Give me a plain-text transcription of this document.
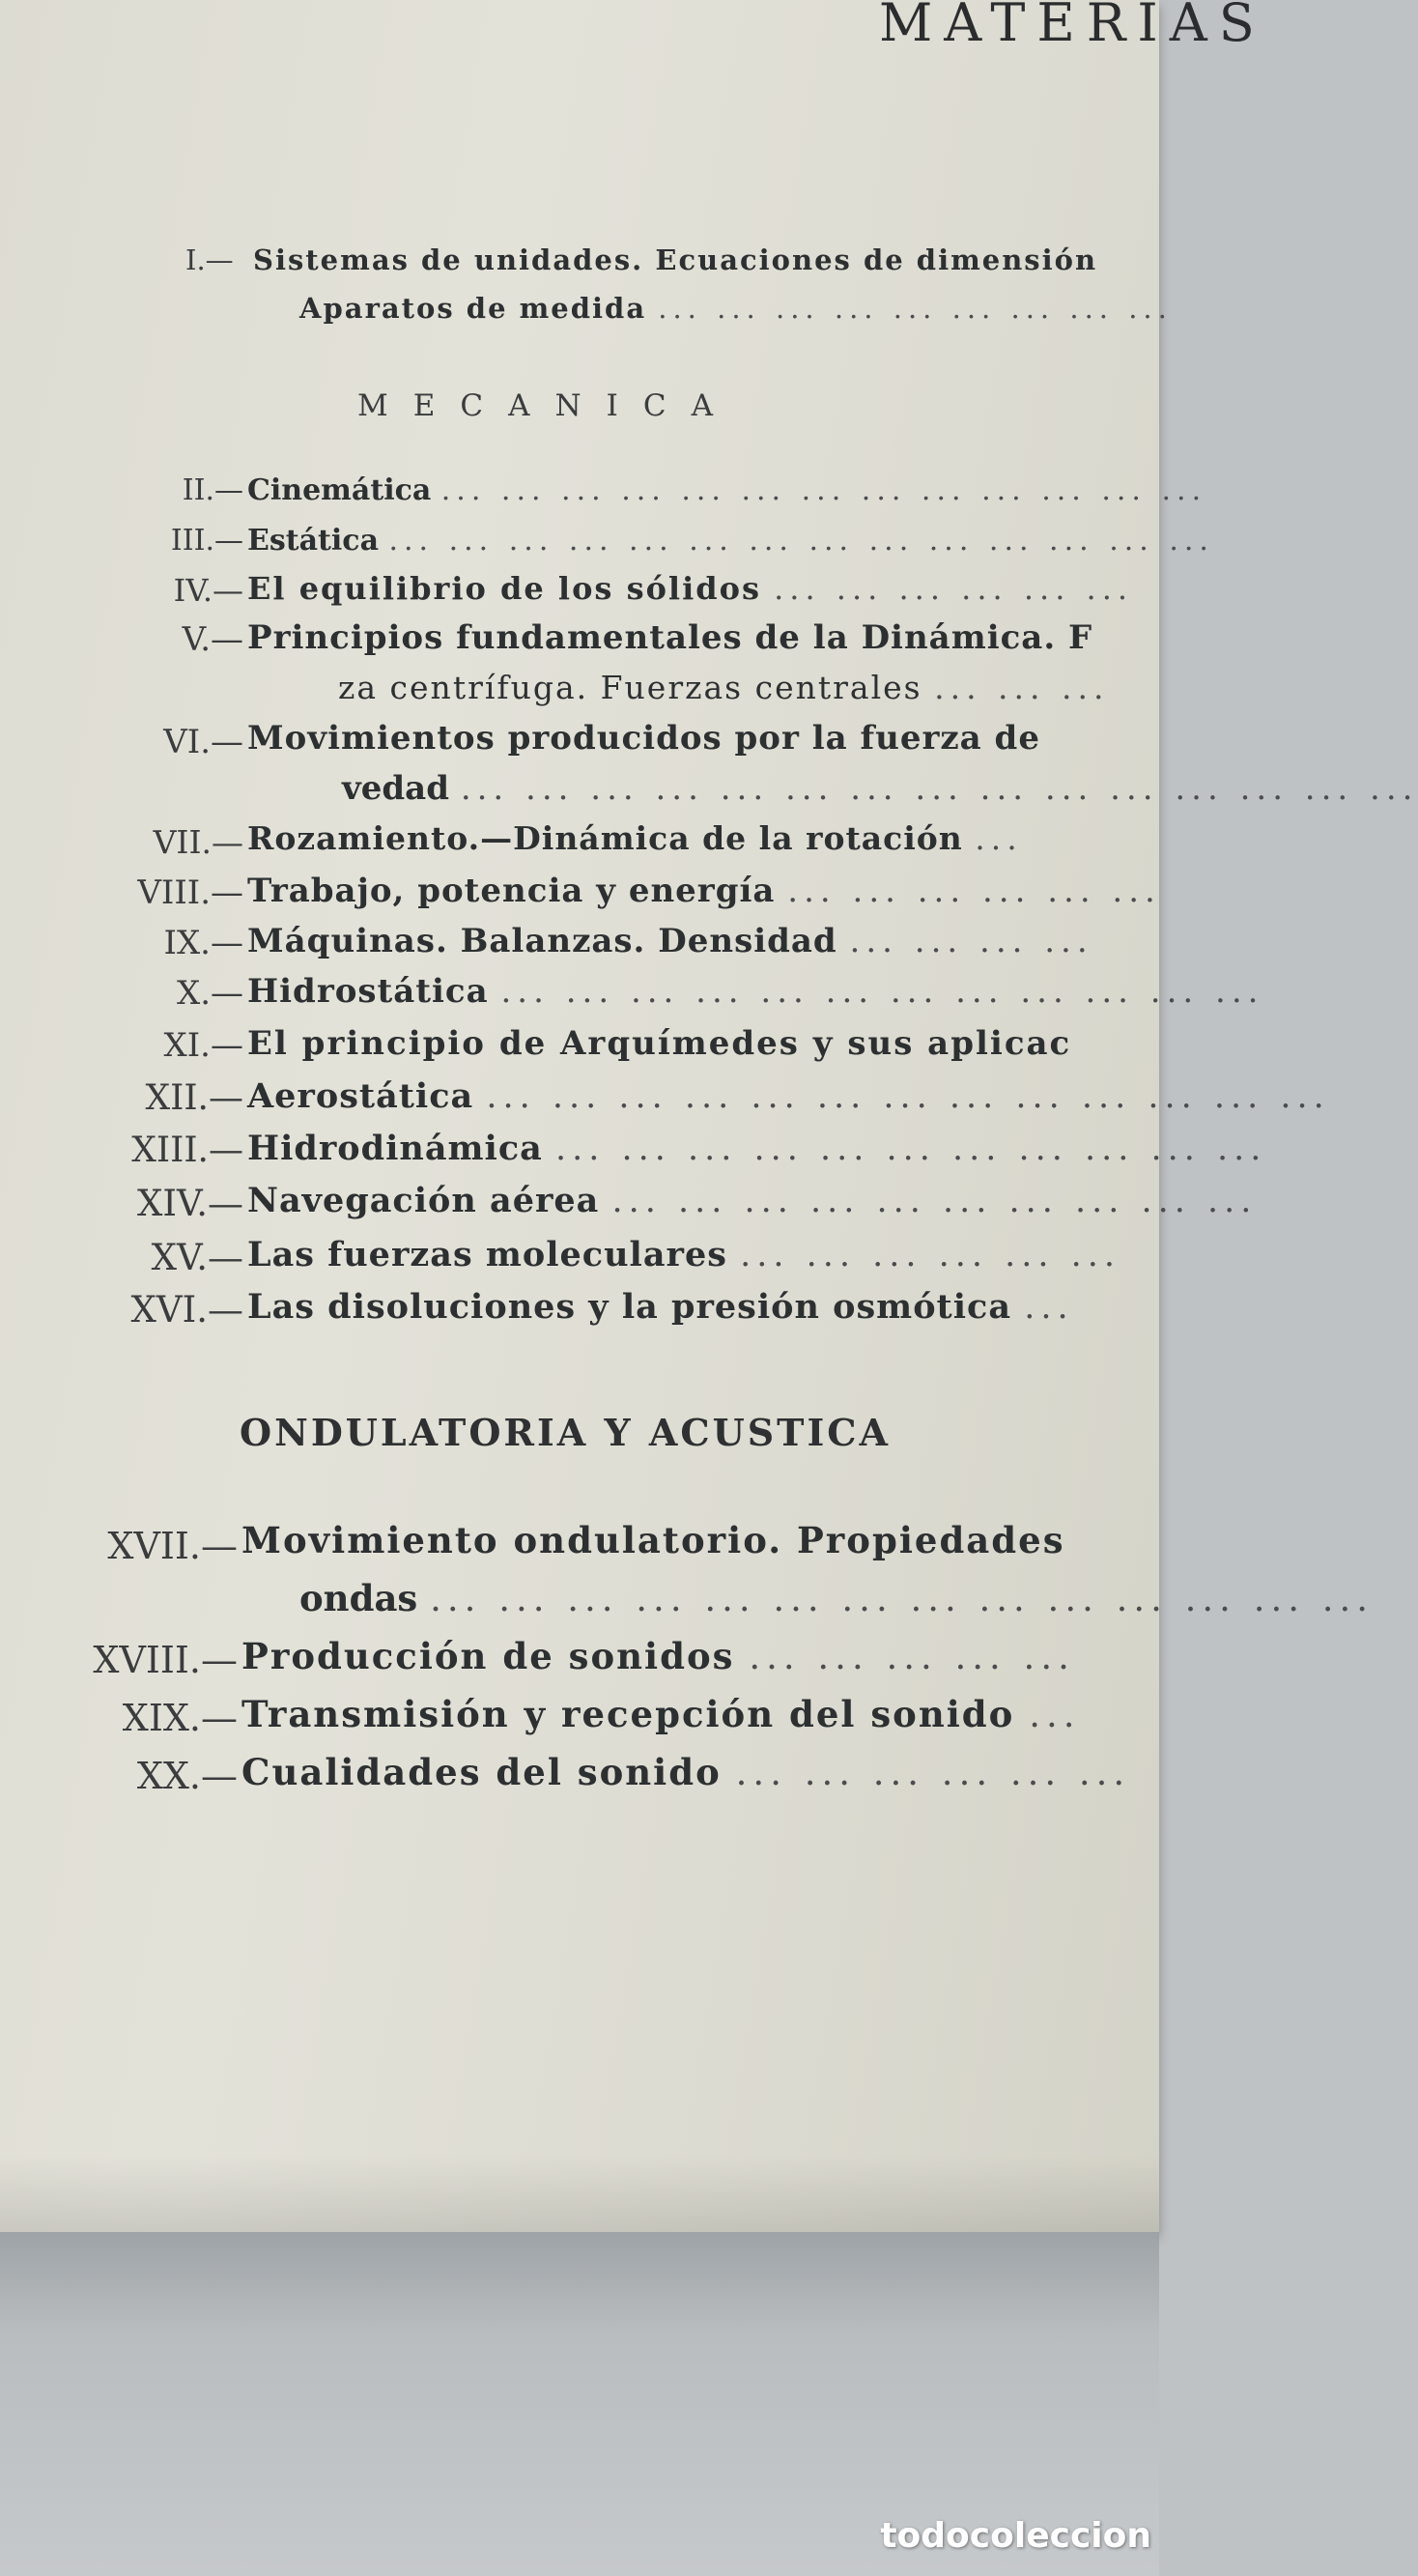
MATERIAS
I.— Sistemas de unidades. Ecuaciones de dimensión
Aparatos de medida ... ... ... ... ... ... ... ... ...
MECANICA
II.— Cinemática ... ... ... ... ... ... ... ... ... ... ... ... ...
III.— Estática ... ... ... ... ... ... ... ... ... ... ... ... ... ...
IV.— El equilibrio de los sólidos ... ... ... ... ... ...
V.— Principios fundamentales de la Dinámica. F
za centrífuga. Fuerzas centrales ... ... ...
VI.— Movimientos producidos por la fuerza de
vedad ... ... ... ... ... ... ... ... ... ... ... ... ... ... ...
VII.— Rozamiento.—Dinámica de la rotación ...
VIII.— Trabajo, potencia y energía ... ... ... ... ... ...
IX.— Máquinas. Balanzas. Densidad ... ... ... ...
X.— Hidrostática ... ... ... ... ... ... ... ... ... ... ... ...
XI.— El principio de Arquímedes y sus aplicac
XII.— Aerostática ... ... ... ... ... ... ... ... ... ... ... ... ...
XIII.— Hidrodinámica ... ... ... ... ... ... ... ... ... ... ...
XIV.— Navegación aérea ... ... ... ... ... ... ... ... ... ...
XV.— Las fuerzas moleculares ... ... ... ... ... ...
XVI.— Las disoluciones y la presión osmótica ...
ONDULATORIA Y ACUSTICA
XVII.— Movimiento ondulatorio. Propiedades
ondas ... ... ... ... ... ... ... ... ... ... ... ... ... ...
XVIII.— Producción de sonidos ... ... ... ... ...
XIX.— Transmisión y recepción del sonido ...
XX.— Cualidades del sonido ... ... ... ... ... ...
todocoleccion
